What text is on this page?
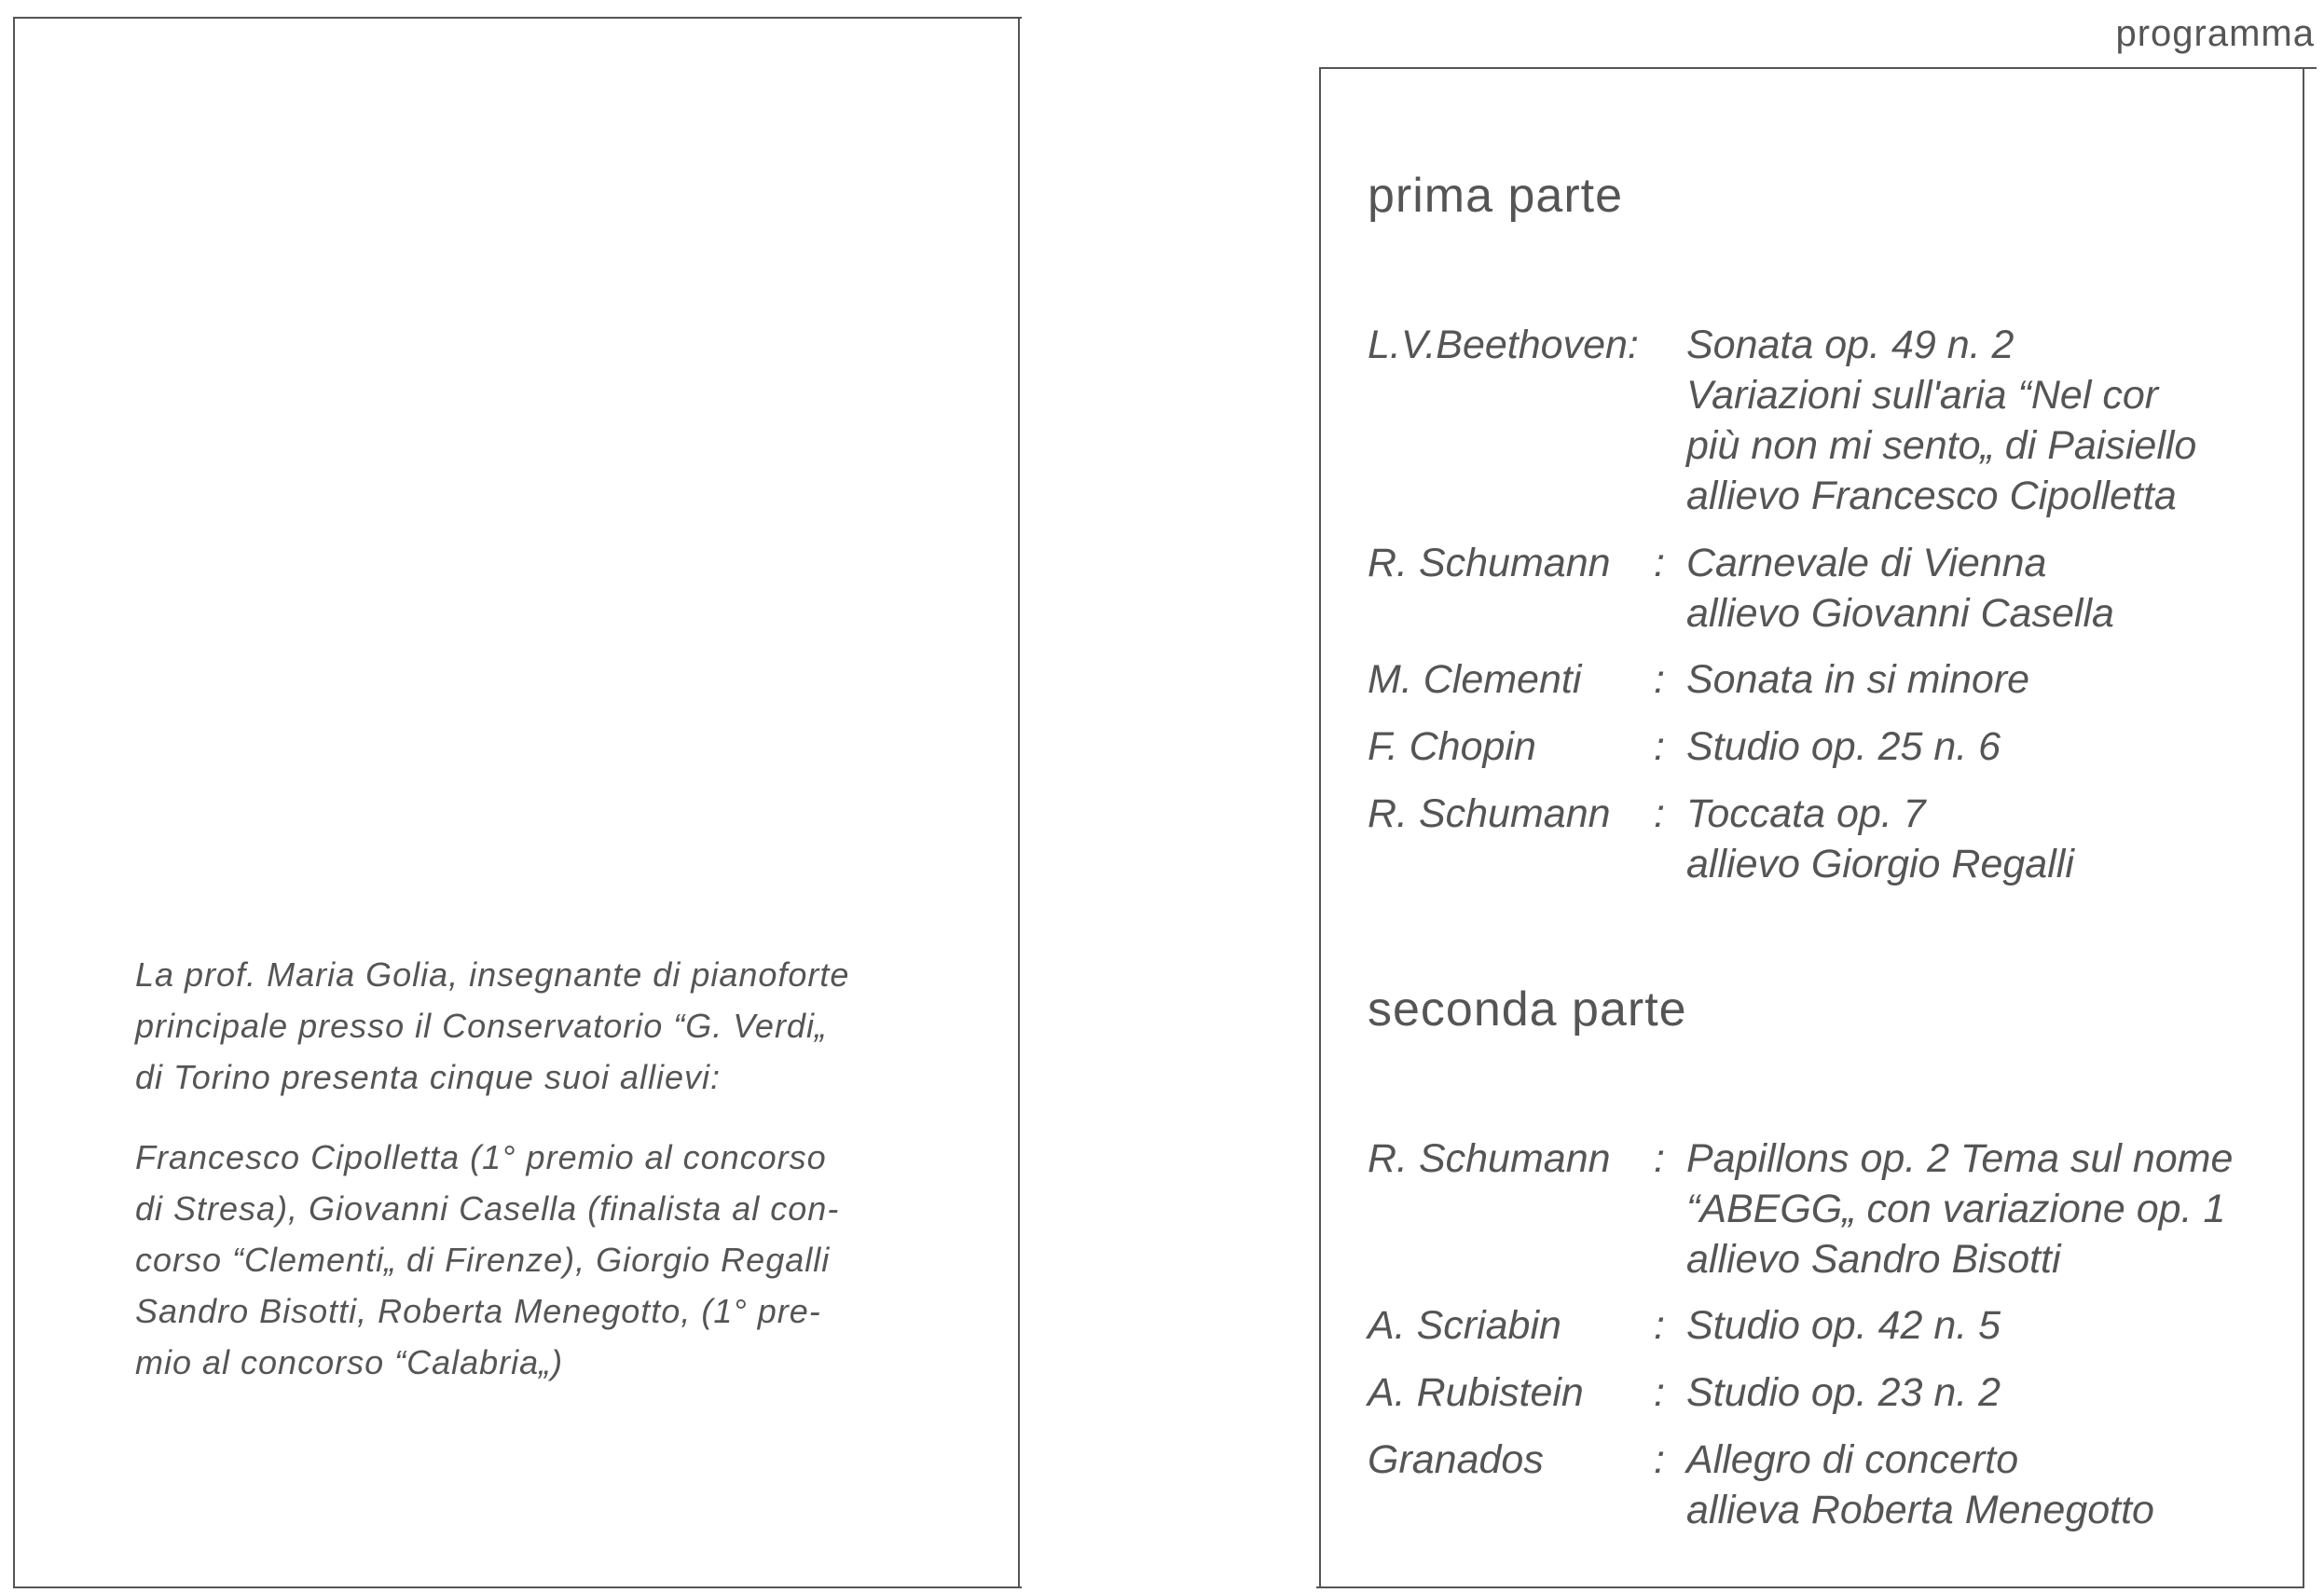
programma

La prof. Maria Golia, insegnante di pianoforte

principale presso il Conservatorio “G. Verdi„

di Torino presenta cinque suoi allievi:

Francesco Cipolletta (1° premio al concorso

di Stresa), Giovanni Casella (finalista al con-

corso “Clementi„ di Firenze), Giorgio Regalli

Sandro Bisotti, Roberta Menegotto, (1° pre-

mio al concorso “Calabria„)

prima parte
L.V.Beethoven: Sonata op. 49 n. 2
Variazioni sull'aria “Nel cor
più non mi sento„ di Paisiello
allievo Francesco Cipolletta
R. Schumann : Carnevale di Vienna
allievo Giovanni Casella
M. Clementi : Sonata in si minore
F. Chopin	: Studio op. 25 n. 6
R. Schumann : Toccata op. 7
allievo Giorgio Regalli
seconda parte
R. Schumann : Papillons op. 2 Tema sul nome
“ABEGG„ con variazione op. 1
allievo Sandro Bisotti
A. Scriabin : Studio op. 42 n. 5
A. Rubistein : Studio op. 23 n. 2
Granados	: Allegro di concerto
allieva Roberta Menegotto
